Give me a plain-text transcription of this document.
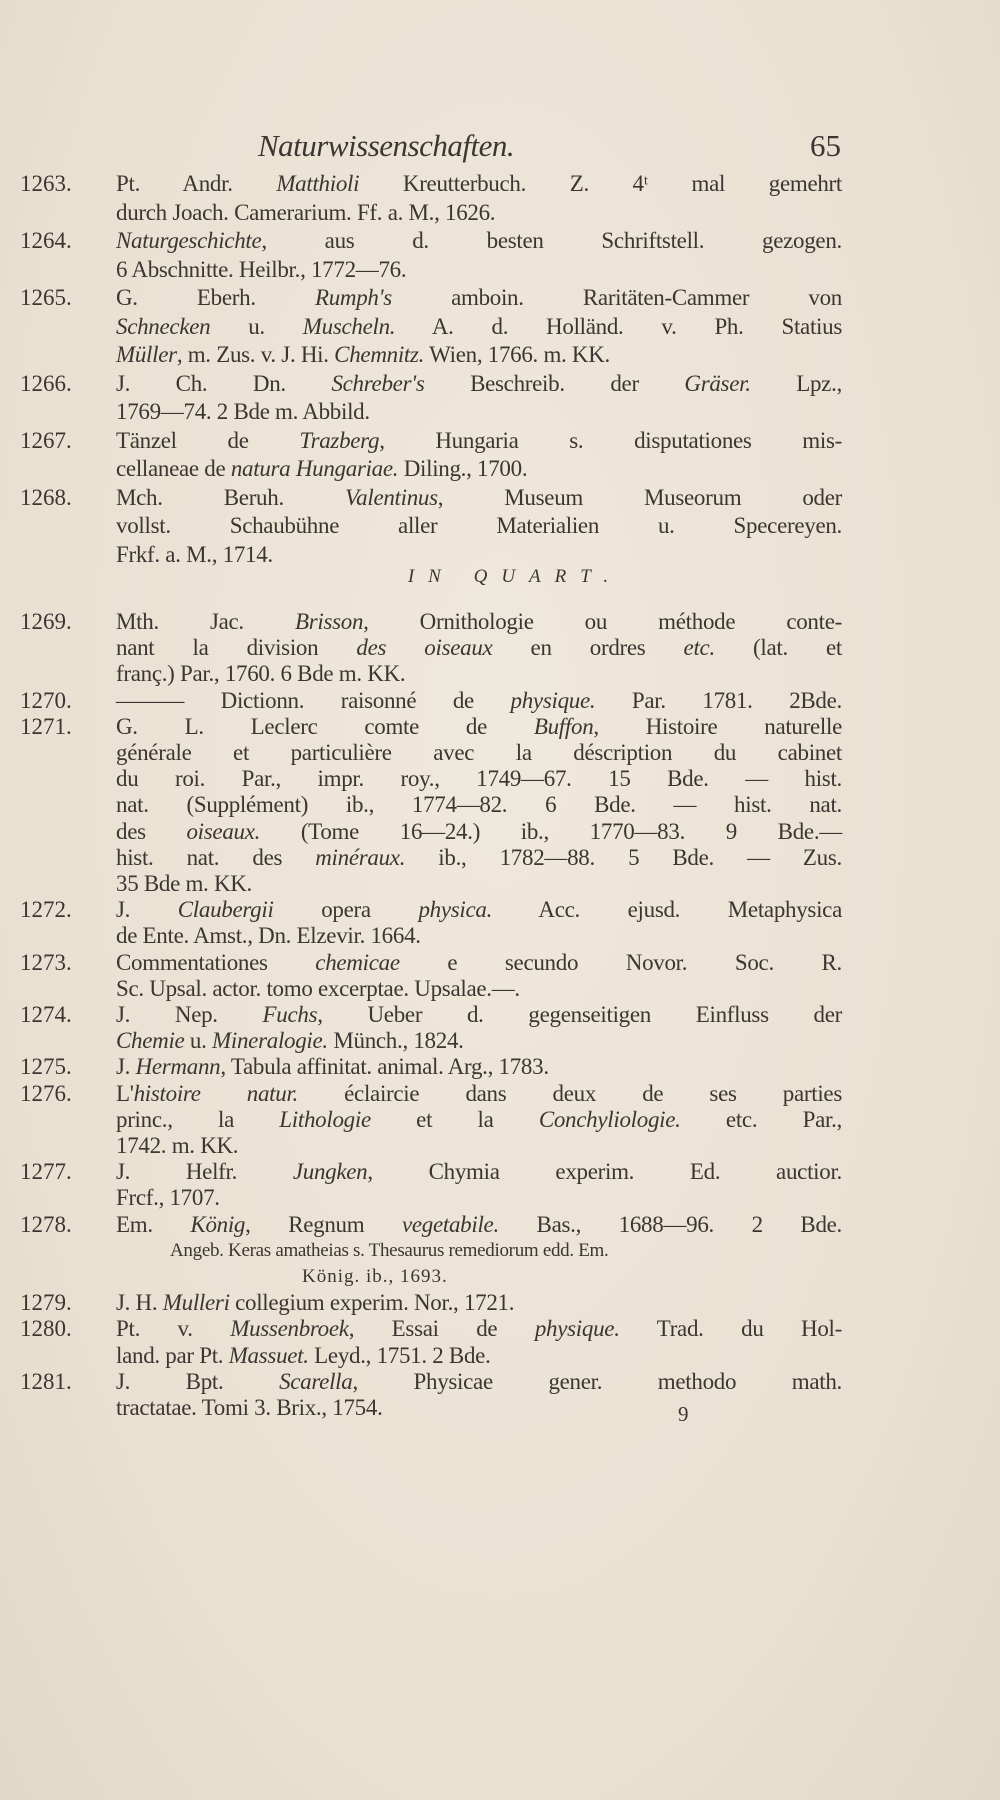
Naturwissenschaften.	65
1263.	Pt. Andr. Matthioli Kreutterbuch. Z. 4ᵗ mal gemehrt
durch Joach. Camerarium. Ff. a. M., 1626.
1264.	Naturgeschichte, aus d. besten Schriftstell. gezogen.
6 Abschnitte. Heilbr., 1772—76.
1265.	G. Eberh. Rumph's amboin. Raritäten-Cammer von
Schnecken u. Muscheln. A. d. Holländ. v. Ph. Statius
Müller, m. Zus. v. J. Hi. Chemnitz. Wien, 1766. m. KK.
1266.	J. Ch. Dn. Schreber's Beschreib. der Gräser. Lpz.,
1769—74. 2 Bde m. Abbild.
1267.	Tänzel de Trazberg, Hungaria s. disputationes mis-
cellaneae de natura Hungariae. Diling., 1700.
1268.	Mch. Beruh. Valentinus, Museum Museorum oder
vollst. Schaubühne aller Materialien u. Specereyen.
Frkf. a. M., 1714.
IN QUART.
1269.	Mth. Jac. Brisson, Ornithologie ou méthode conte-
nant la division des oiseaux en ordres etc. (lat. et
franç.) Par., 1760. 6 Bde m. KK.
1270.	——— Dictionn. raisonné de physique. Par. 1781. 2Bde.
1271.	G. L. Leclerc comte de Buffon, Histoire naturelle
générale et particulière avec la déscription du cabinet
du roi. Par., impr. roy., 1749—67. 15 Bde. — hist.
nat. (Supplément) ib., 1774—82. 6 Bde. — hist. nat.
des oiseaux. (Tome 16—24.) ib., 1770—83. 9 Bde.—
hist. nat. des minéraux. ib., 1782—88. 5 Bde. — Zus.
35 Bde m. KK.
1272.	J. Claubergii opera physica. Acc. ejusd. Metaphysica
de Ente. Amst., Dn. Elzevir. 1664.
1273.	Commentationes chemicae e secundo Novor. Soc. R.
Sc. Upsal. actor. tomo excerptae. Upsalae.—.
1274.	J. Nep. Fuchs, Ueber d. gegenseitigen Einfluss der
Chemie u. Mineralogie. Münch., 1824.
1275.	J. Hermann, Tabula affinitat. animal. Arg., 1783.
1276.	L'histoire natur. éclaircie dans deux de ses parties
princ., la Lithologie et la Conchyliologie. etc. Par.,
1742. m. KK.
1277.	J. Helfr. Jungken, Chymia experim. Ed. auctior.
Frcf., 1707.
1278.	Em. König, Regnum vegetabile. Bas., 1688—96. 2 Bde.
Angeb. Keras amatheias s. Thesaurus remediorum edd. Em.
König. ib., 1693.
1279.	J. H. Mulleri collegium experim. Nor., 1721.
1280.	Pt. v. Mussenbroek, Essai de physique. Trad. du Hol-
land. par Pt. Massuet. Leyd., 1751. 2 Bde.
1281.	J. Bpt. Scarella, Physicae gener. methodo math.
tractatae. Tomi 3. Brix., 1754.	9
